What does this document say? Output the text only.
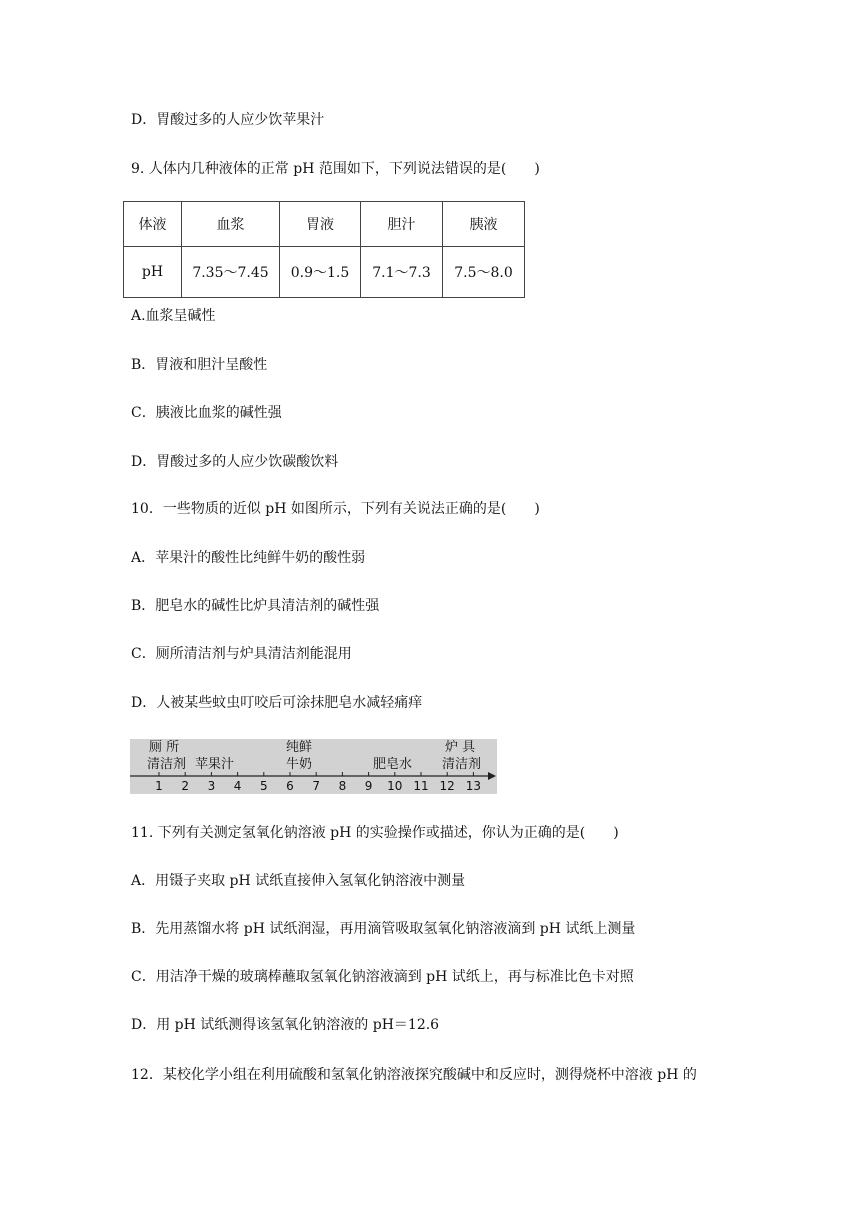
D．胃酸过多的人应少饮苹果汁
9. 人体内几种液体的正常 pH 范围如下，下列说法错误的是(　　)
体液	血浆	胃液	胆汁	胰液
pH	7.35～7.45	0.9～1.5	7.1～7.3	7.5～8.0
A.血浆呈碱性
B．胃液和胆汁呈酸性
C．胰液比血浆的碱性强
D．胃酸过多的人应少饮碳酸饮料
10．一些物质的近似 pH 如图所示，下列有关说法正确的是(　　)
A．苹果汁的酸性比纯鲜牛奶的酸性弱
B．肥皂水的碱性比炉具清洁剂的碱性强
C．厕所清洁剂与炉具清洁剂能混用
D．人被某些蚊虫叮咬后可涂抹肥皂水减轻痛痒
厕 所
清洁剂 苹果汁
纯鲜
牛奶	肥皂水
炉 具
清洁剂
1 2 3 4 5 6 7 8 9 10 11 12 13
11. 下列有关测定氢氧化钠溶液 pH 的实验操作或描述，你认为正确的是(　　)
A．用镊子夹取 pH 试纸直接伸入氢氧化钠溶液中测量
B．先用蒸馏水将 pH 试纸润湿，再用滴管吸取氢氧化钠溶液滴到 pH 试纸上测量
C．用洁净干燥的玻璃棒蘸取氢氧化钠溶液滴到 pH 试纸上，再与标准比色卡对照
D．用 pH 试纸测得该氢氧化钠溶液的 pH＝12.6
12．某校化学小组在利用硫酸和氢氧化钠溶液探究酸碱中和反应时，测得烧杯中溶液 pH 的
